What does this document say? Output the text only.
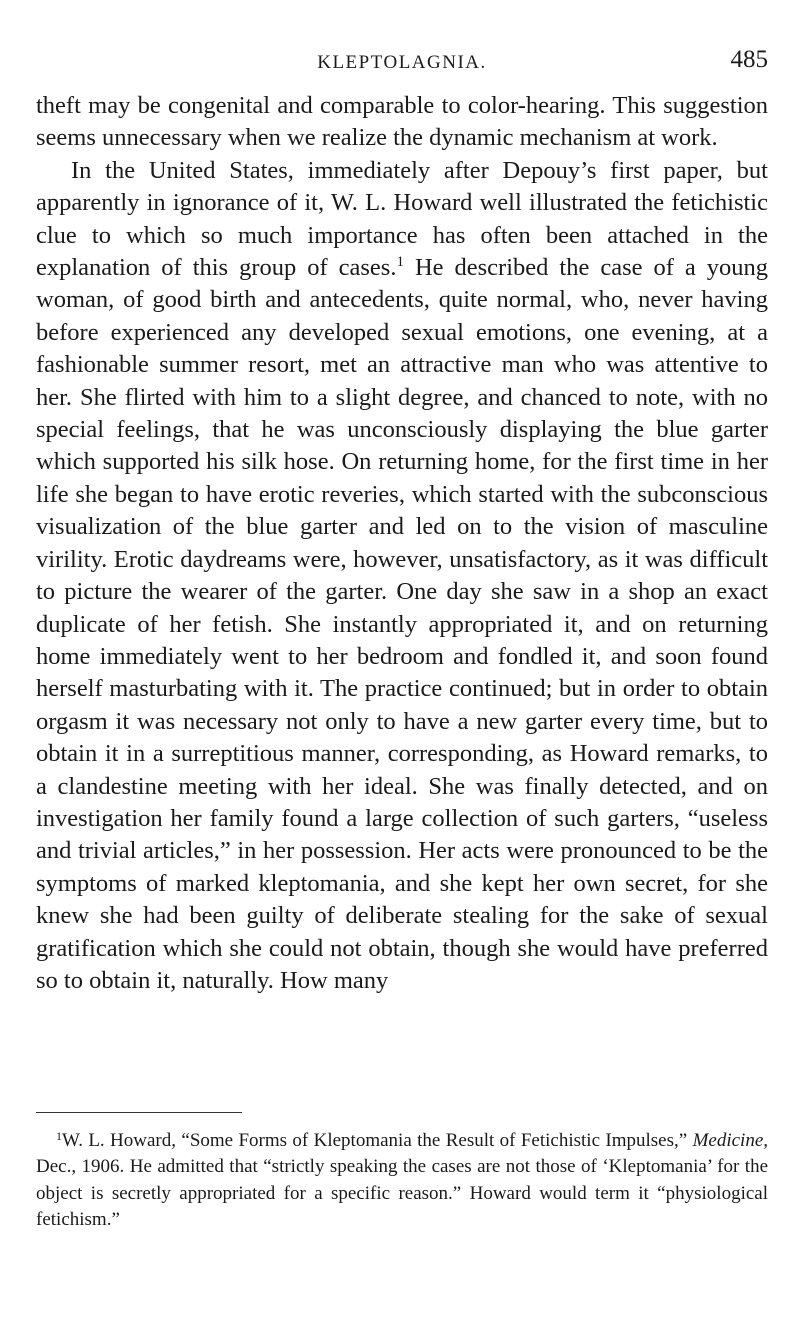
KLEPTOLAGNIA.	485

theft may be congenital and comparable to color-hearing. This suggestion seems unnecessary when we realize the dynamic mechanism at work.

In the United States, immediately after Depouy’s first paper, but apparently in ignorance of it, W. L. Howard well illustrated the fetichistic clue to which so much importance has often been attached in the explanation of this group of cases.$^1$ He described the case of a young woman, of good birth and antecedents, quite normal, who, never having before experienced any developed sexual emotions, one evening, at a fashionable summer resort, met an attractive man who was attentive to her. She flirted with him to a slight degree, and chanced to note, with no special feelings, that he was unconsciously displaying the blue garter which supported his silk hose. On returning home, for the first time in her life she began to have erotic reveries, which started with the subconscious visualization of the blue garter and led on to the vision of masculine virility. Erotic daydreams were, however, unsatisfactory, as it was difficult to picture the wearer of the garter. One day she saw in a shop an exact duplicate of her fetish. She instantly appropriated it, and on returning home immediately went to her bedroom and fondled it, and soon found herself masturbating with it. The practice continued; but in order to obtain orgasm it was necessary not only to have a new garter every time, but to obtain it in a surreptitious manner, corresponding, as Howard remarks, to a clandestine meeting with her ideal. She was finally detected, and on investigation her family found a large collection of such garters, “useless and trivial articles,” in her possession. Her acts were pronounced to be the symptoms of marked kleptomania, and she kept her own secret, for she knew she had been guilty of deliberate stealing for the sake of sexual gratification which she could not obtain, though she would have preferred so to obtain it, naturally. How many

$^1$W. L. Howard, “Some Forms of Kleptomania the Result of Fetichistic Impulses,” Medicine, Dec., 1906. He admitted that “strictly speaking the cases are not those of ‘Kleptomania’ for the object is secretly appropriated for a specific reason.” Howard would term it “physiological fetichism.”
